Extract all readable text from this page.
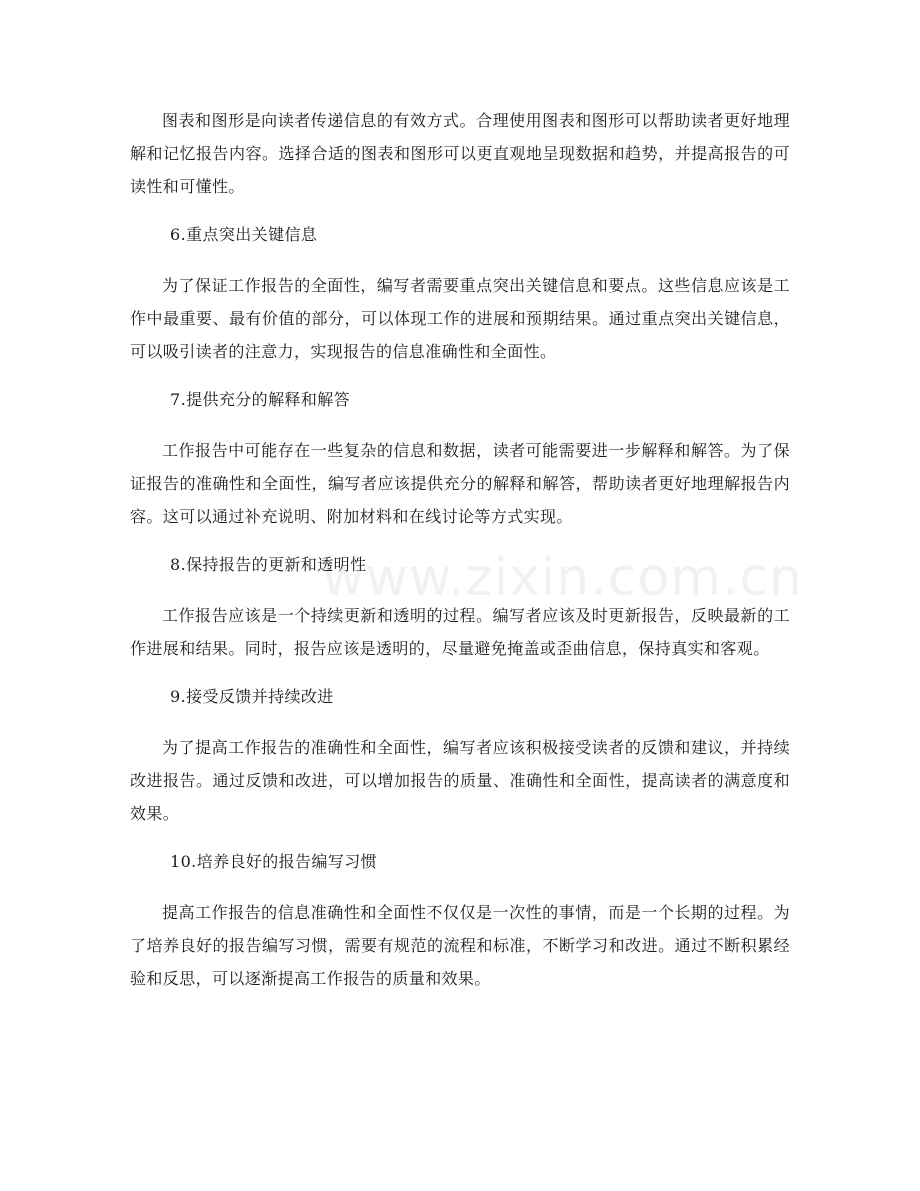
图表和图形是向读者传递信息的有效方式。合理使用图表和图形可以帮助读者更好地理解和记忆报告内容。选择合适的图表和图形可以更直观地呈现数据和趋势，并提高报告的可读性和可懂性。

6.重点突出关键信息

为了保证工作报告的全面性，编写者需要重点突出关键信息和要点。这些信息应该是工作中最重要、最有价值的部分，可以体现工作的进展和预期结果。通过重点突出关键信息，可以吸引读者的注意力，实现报告的信息准确性和全面性。

7.提供充分的解释和解答

工作报告中可能存在一些复杂的信息和数据，读者可能需要进一步解释和解答。为了保证报告的准确性和全面性，编写者应该提供充分的解释和解答，帮助读者更好地理解报告内容。这可以通过补充说明、附加材料和在线讨论等方式实现。

8.保持报告的更新和透明性

工作报告应该是一个持续更新和透明的过程。编写者应该及时更新报告，反映最新的工作进展和结果。同时，报告应该是透明的，尽量避免掩盖或歪曲信息，保持真实和客观。

9.接受反馈并持续改进

为了提高工作报告的准确性和全面性，编写者应该积极接受读者的反馈和建议，并持续改进报告。通过反馈和改进，可以增加报告的质量、准确性和全面性，提高读者的满意度和效果。

10.培养良好的报告编写习惯

提高工作报告的信息准确性和全面性不仅仅是一次性的事情，而是一个长期的过程。为了培养良好的报告编写习惯，需要有规范的流程和标准，不断学习和改进。通过不断积累经验和反思，可以逐渐提高工作报告的质量和效果。

www.zixin.com.cn
